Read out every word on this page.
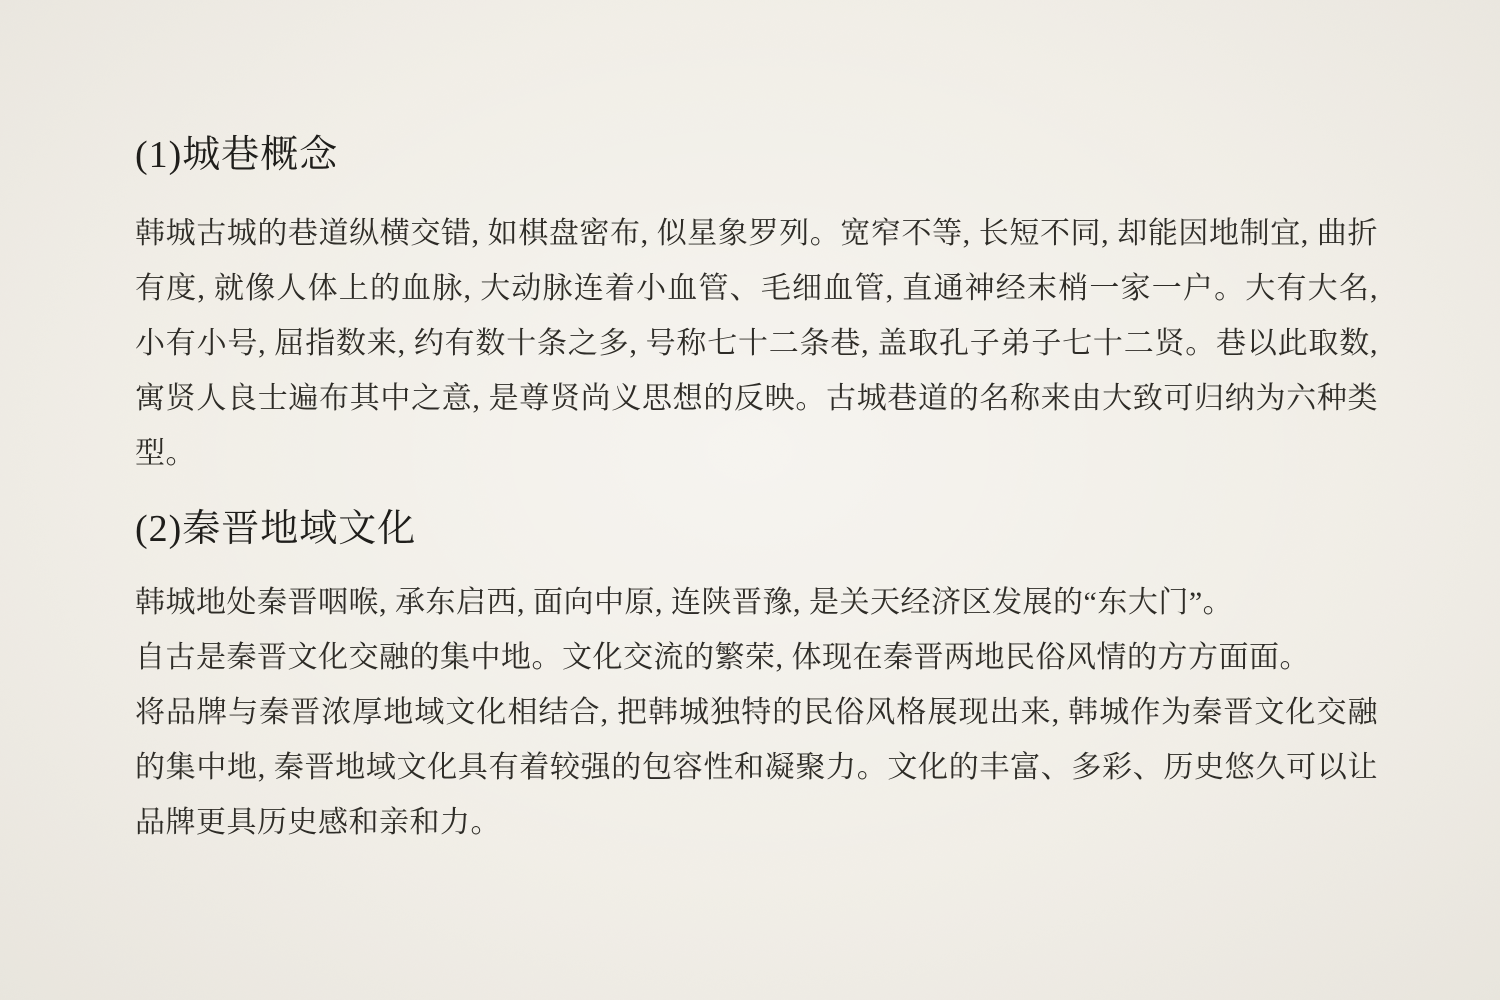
(1)城巷概念

韩城古城的巷道纵横交错, 如棋盘密布, 似星象罗列。宽窄不等, 长短不同, 却能因地制宜, 曲折有度, 就像人体上的血脉, 大动脉连着小血管、毛细血管, 直通神经末梢一家一户。大有大名, 小有小号, 屈指数来, 约有数十条之多, 号称七十二条巷, 盖取孔子弟子七十二贤。巷以此取数, 寓贤人良士遍布其中之意, 是尊贤尚义思想的反映。古城巷道的名称来由大致可归纳为六种类型。

(2)秦晋地域文化

韩城地处秦晋咽喉, 承东启西, 面向中原, 连陕晋豫, 是关天经济区发展的“东大门”。

自古是秦晋文化交融的集中地。文化交流的繁荣, 体现在秦晋两地民俗风情的方方面面。

将品牌与秦晋浓厚地域文化相结合, 把韩城独特的民俗风格展现出来, 韩城作为秦晋文化交融的集中地, 秦晋地域文化具有着较强的包容性和凝聚力。文化的丰富、多彩、历史悠久可以让品牌更具历史感和亲和力。
